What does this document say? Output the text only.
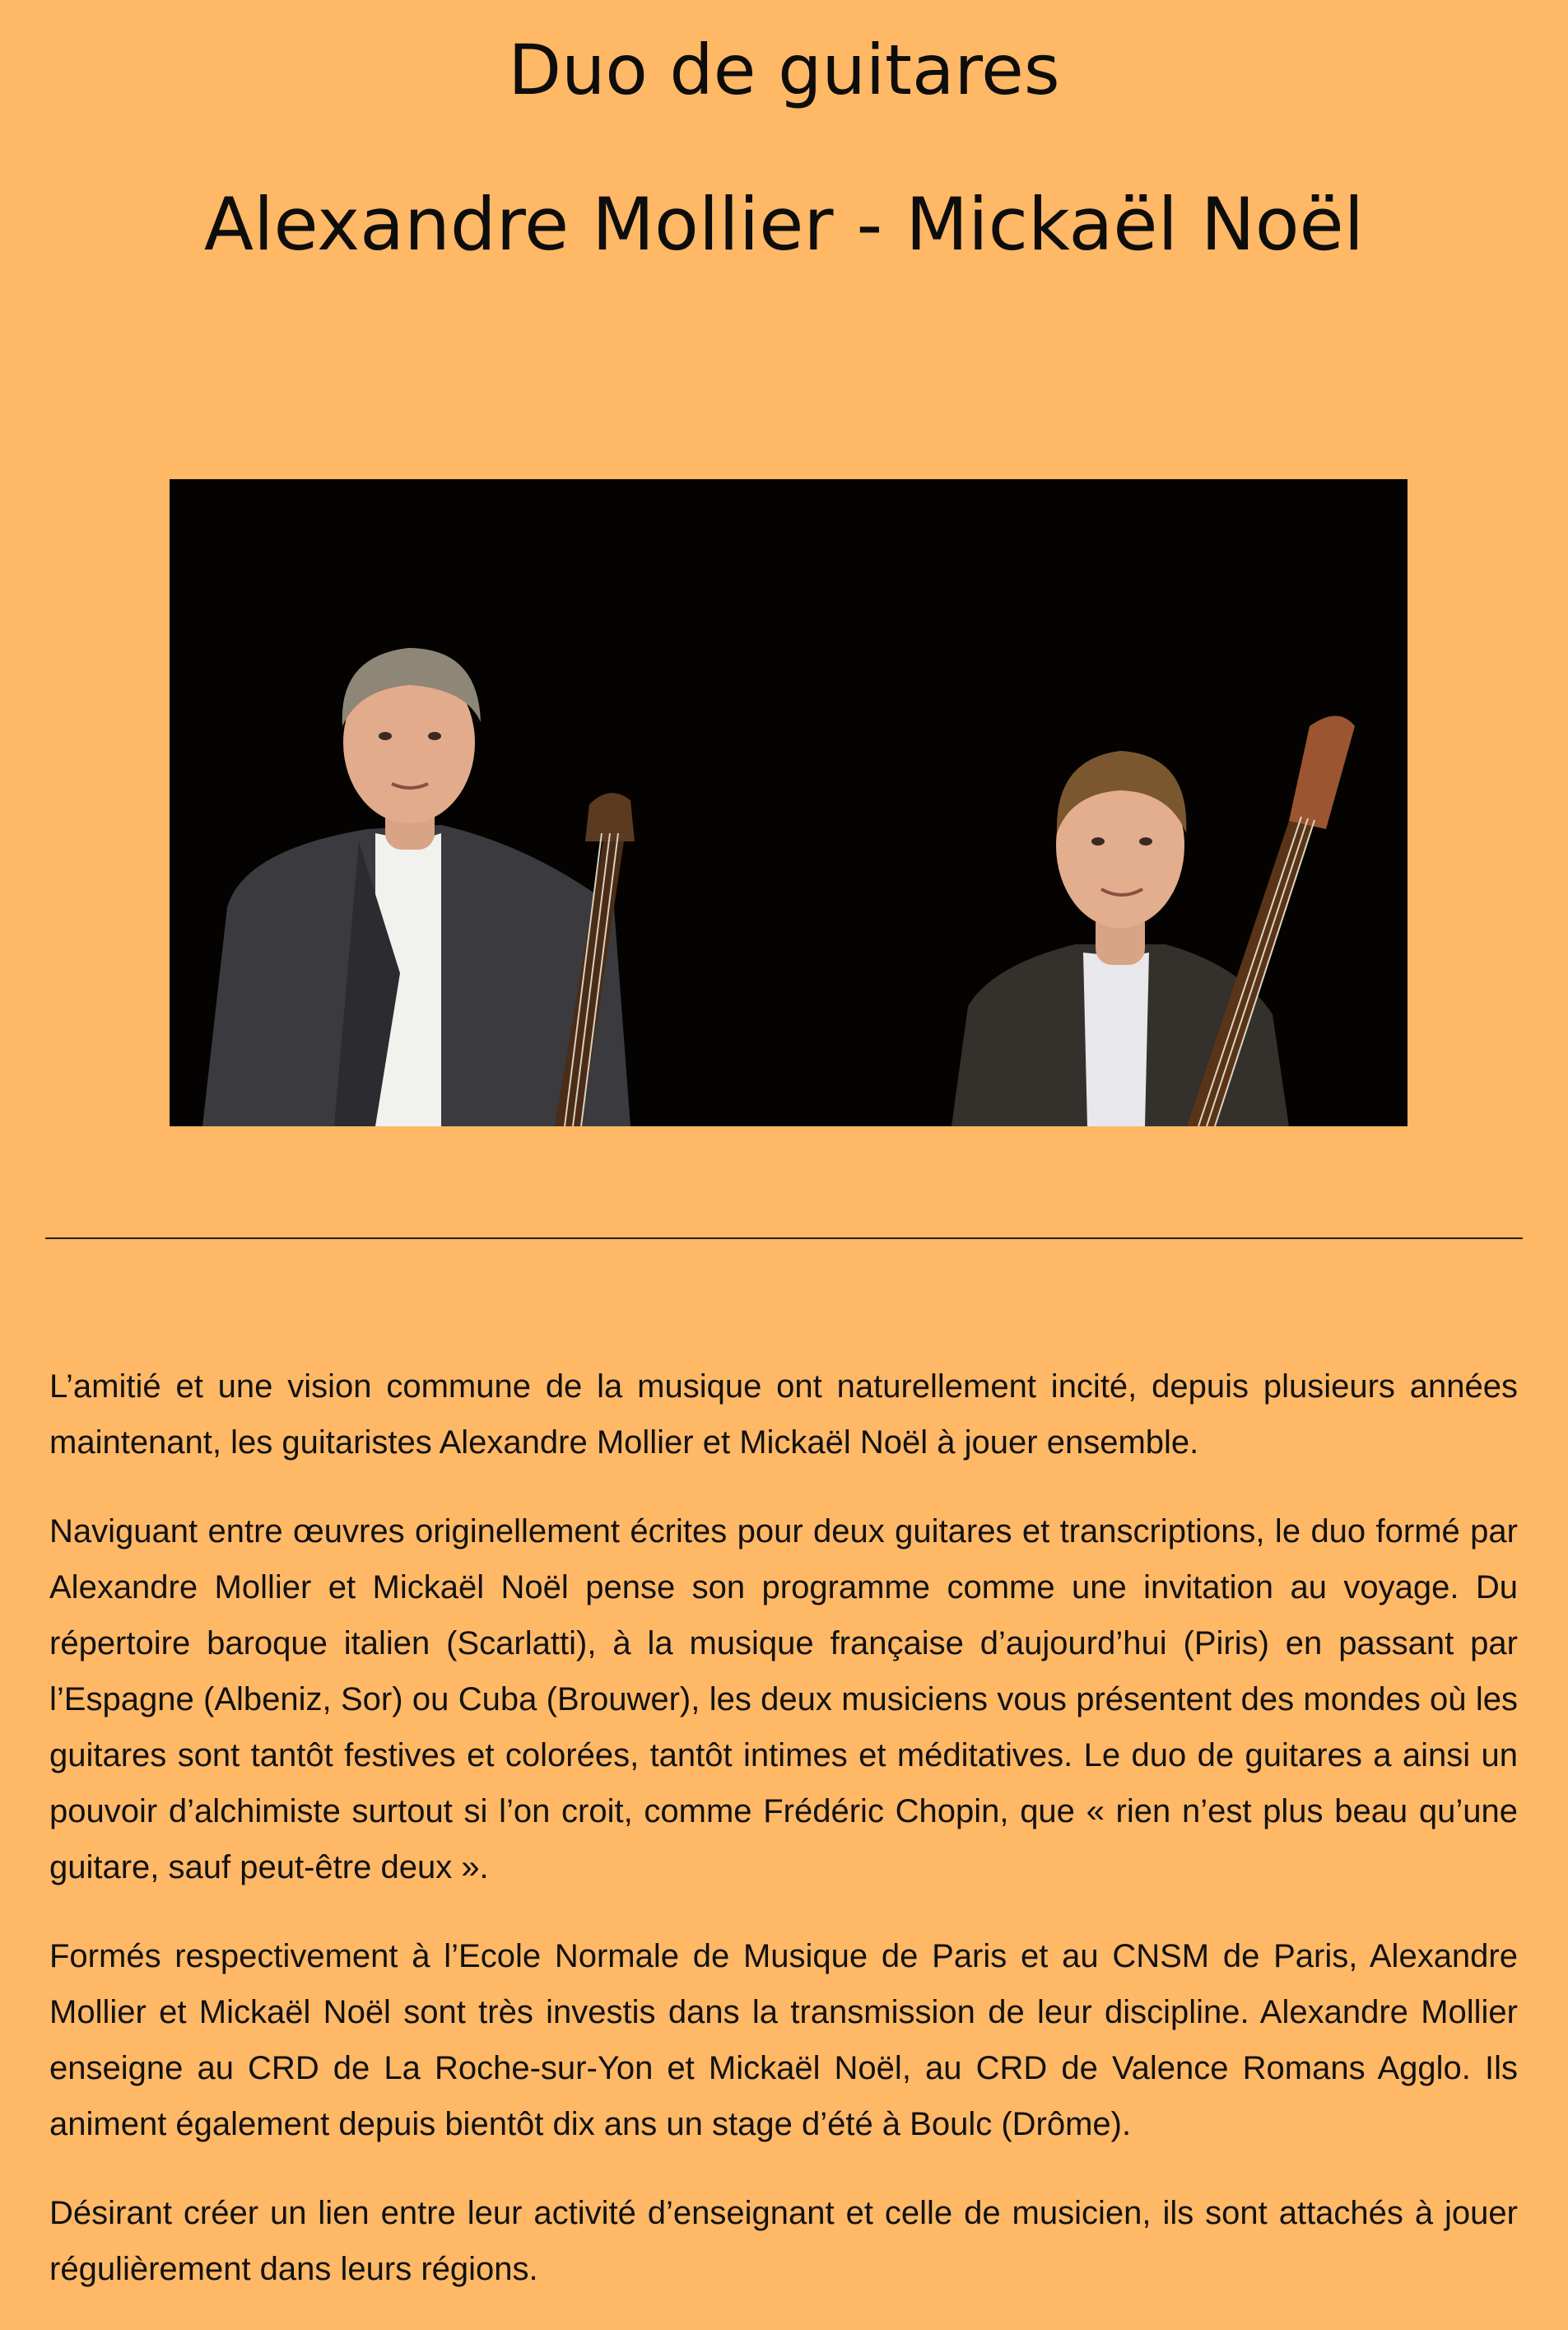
Duo de guitares
Alexandre Mollier - Mickaël Noël

L’amitié et une vision commune de la musique ont naturellement incité, depuis plusieurs années maintenant, les guitaristes Alexandre Mollier et Mickaël Noël à jouer ensemble.

Naviguant entre œuvres originellement écrites pour deux guitares et transcriptions, le duo formé par Alexandre Mollier et Mickaël Noël pense son programme comme une invitation au voyage. Du répertoire baroque italien (Scarlatti), à la musique française d’aujourd’hui (Piris) en passant par l’Espagne (Albeniz, Sor) ou Cuba (Brouwer), les deux musiciens vous présentent des mondes où les guitares sont tantôt festives et colorées, tantôt intimes et méditatives. Le duo de guitares a ainsi un pouvoir d’alchimiste surtout si l’on croit, comme Frédéric Chopin, que « rien n’est plus beau qu’une guitare, sauf peut-être deux ».

Formés respectivement à l’Ecole Normale de Musique de Paris et au CNSM de Paris, Alexandre Mollier et Mickaël Noël sont très investis dans la transmission de leur discipline. Alexandre Mollier enseigne au CRD de La Roche-sur-Yon et Mickaël Noël, au CRD de Valence Romans Agglo. Ils animent également depuis bientôt dix ans un stage d’été à Boulc (Drôme).

Désirant créer un lien entre leur activité d’enseignant et celle de musicien, ils sont attachés à jouer régulièrement dans leurs régions.
